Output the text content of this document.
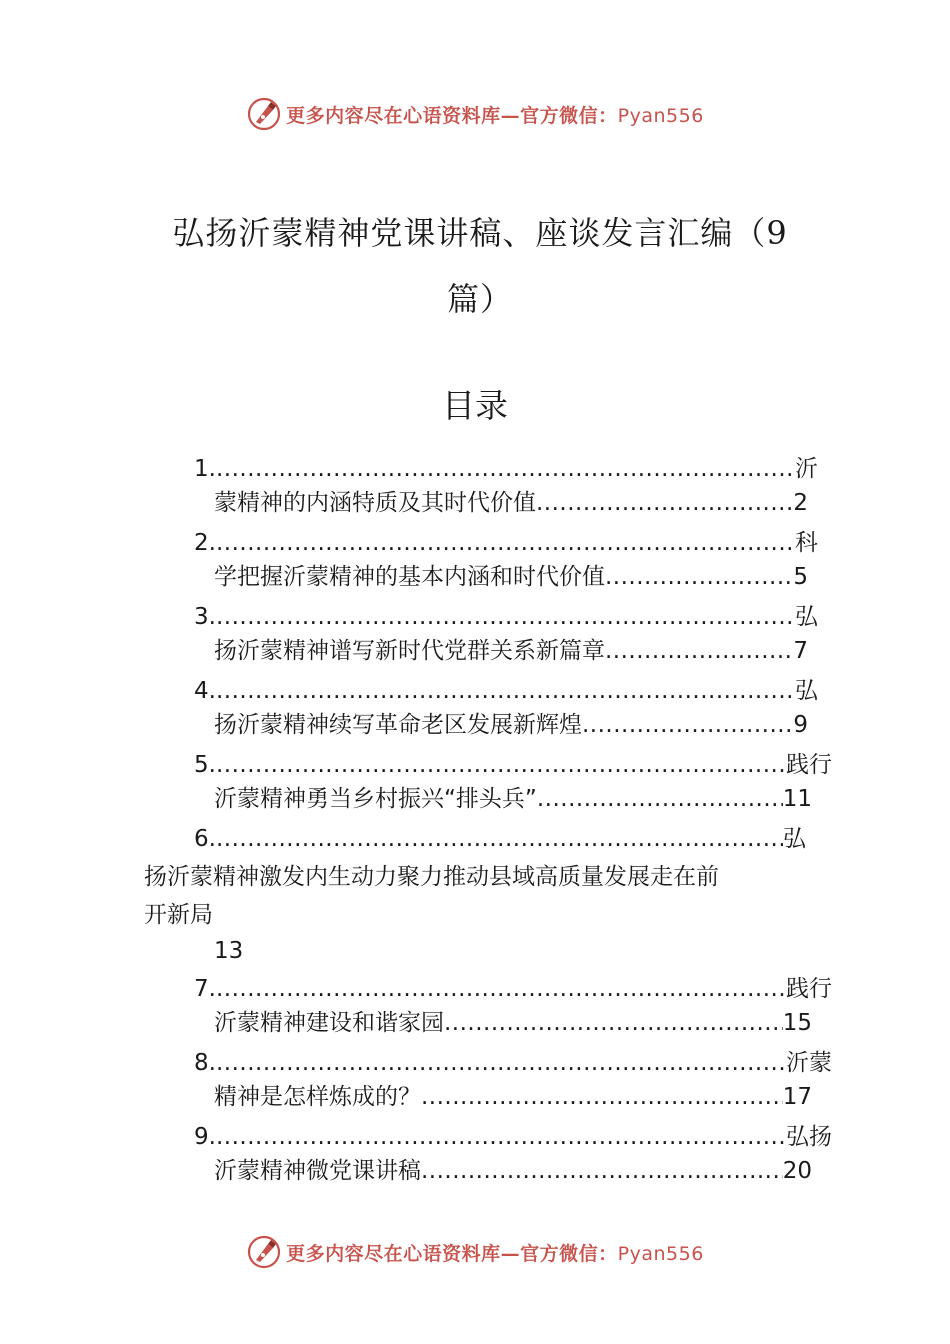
更多内容尽在心语资料库—官方微信：Pyan556
弘扬沂蒙精神党课讲稿、座谈发言汇编（9
篇）
目录
1. .....	沂
蒙精神的内涵特质及其时代价值 .....	2
2. .....	科
学把握沂蒙精神的基本内涵和时代价值 .....	5
3. .....	弘
扬沂蒙精神谱写新时代党群关系新篇章 .....	7
4. .....	弘
扬沂蒙精神续写革命老区发展新辉煌 .....	9
5. .....	践行
沂蒙精神勇当乡村振兴“排头兵” .....	11
6. .....	弘
扬沂蒙精神激发内生动力聚力推动县域高质量发展走在前
开新局
13
7. .....	践行
沂蒙精神建设和谐家园 .....	15
8. .....	沂蒙
精神是怎样炼成的？ .....	17
9. .....	弘扬
沂蒙精神微党课讲稿 .....	20
更多内容尽在心语资料库—官方微信：Pyan556
